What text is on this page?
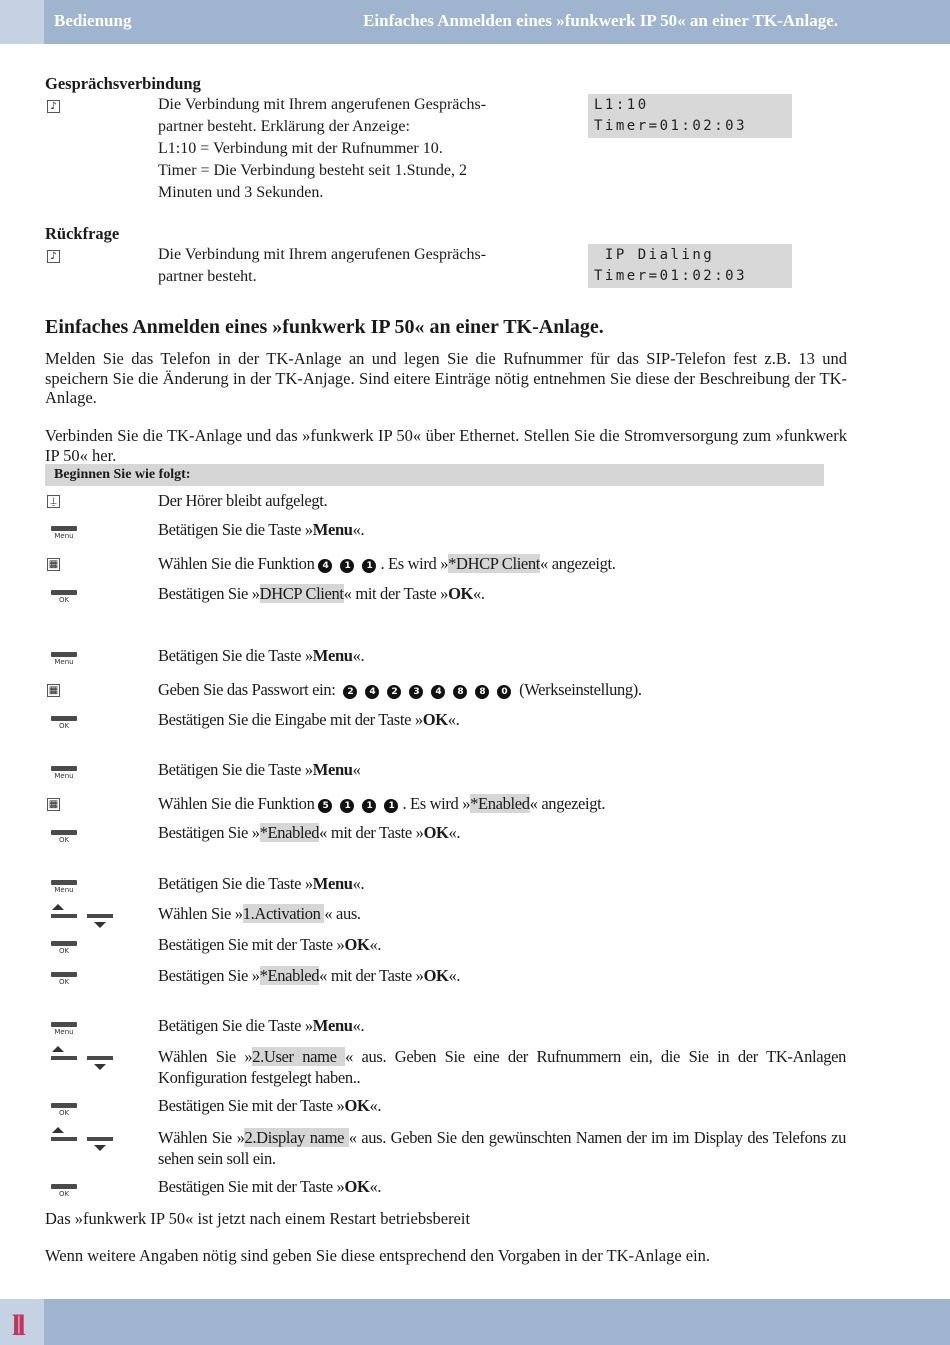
Bedienung	Einfaches Anmelden eines »funkwerk IP 50« an einer TK-Anlage.
Gesprächsverbindung
♪	Die Verbindung mit Ihrem angerufenen Gesprächs-
partner besteht. Erklärung der Anzeige:
L1:10 = Verbindung mit der Rufnummer 10.
Timer = Die Verbindung besteht seit 1.Stunde, 2
Minuten und 3 Sekunden.
L1:10
Timer=01:02:03
Rückfrage
♪	Die Verbindung mit Ihrem angerufenen Gesprächs-
partner besteht.
IP Dialing
Timer=01:02:03
Einfaches Anmelden eines »funkwerk IP 50« an einer TK-Anlage.
Melden Sie das Telefon in der TK-Anlage an und legen Sie die Rufnummer für das SIP-Telefon fest z.B. 13 und speichern Sie die Änderung in der TK-Anjage. Sind eitere Einträge nötig entnehmen Sie diese der Beschreibung der TK-Anlage.
Verbinden Sie die TK-Anlage und das »funkwerk IP 50« über Ethernet. Stellen Sie die Stromversorgung zum »funkwerk IP 50« her.
Beginnen Sie wie folgt:
⍊	Der Hörer bleibt aufgelegt.
Menu	Betätigen Sie die Taste »Menu«.
▦	Wählen Sie die Funktion 4 1 1 . Es wird »*DHCP Client« angezeigt.
OK	Bestätigen Sie »DHCP Client« mit der Taste »OK«.
Menu	Betätigen Sie die Taste »Menu«.
▦	Geben Sie das Passwort ein: 2 4 2 3 4 8 8 0 (Werkseinstellung).
OK	Bestätigen Sie die Eingabe mit der Taste »OK«.
Menu	Betätigen Sie die Taste »Menu«
▦	Wählen Sie die Funktion 5 1 1 1 . Es wird »*Enabled« angezeigt.
OK	Bestätigen Sie »*Enabled« mit der Taste »OK«.
Menu	Betätigen Sie die Taste »Menu«.
Wählen Sie »1.Activation « aus.
OK	Bestätigen Sie mit der Taste »OK«.
OK	Bestätigen Sie »*Enabled« mit der Taste »OK«.
Menu	Betätigen Sie die Taste »Menu«.
Wählen Sie »2.User name « aus. Geben Sie eine der Rufnummern ein, die Sie in der TK-Anlagen Konfiguration festgelegt haben..
OK	Bestätigen Sie mit der Taste »OK«.
Wählen Sie »2.Display name « aus. Geben Sie den gewünschten Namen der im im Display des Telefons zu sehen sein soll ein.
OK	Bestätigen Sie mit der Taste »OK«.
Das »funkwerk IP 50« ist jetzt nach einem Restart betriebsbereit
Wenn weitere Angaben nötig sind geben Sie diese entsprechend den Vorgaben in der TK-Anlage ein.
ll
